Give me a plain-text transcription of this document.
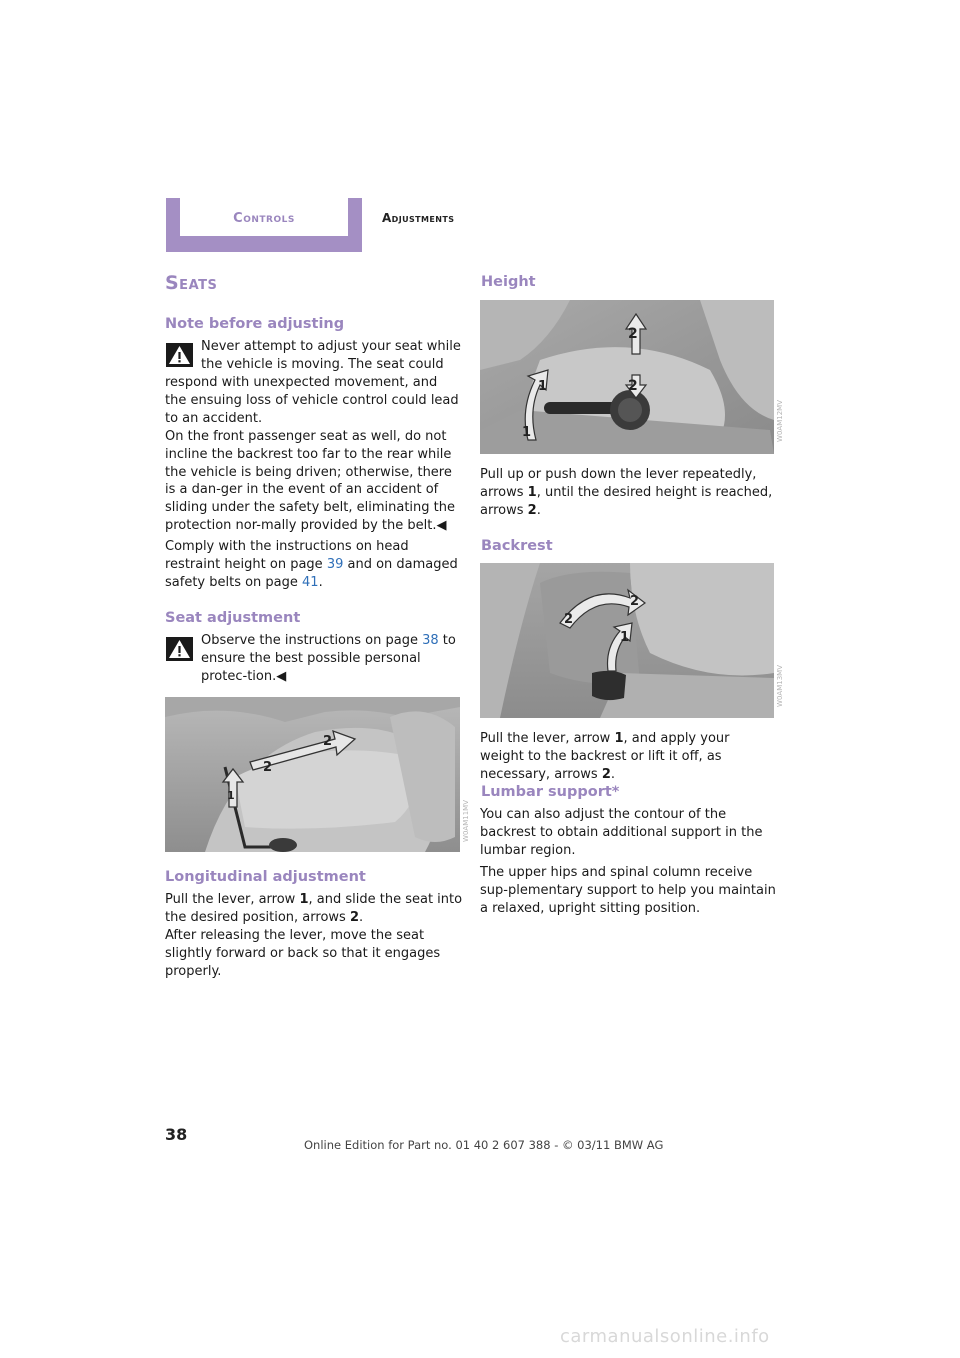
Controls	Adjustments
Seats
Note before adjusting
Never attempt to adjust your seat while
the vehicle is moving. The seat could
respond with unexpected movement, and the ensuing loss of vehicle control could lead to an accident.
On the front passenger seat as well, do not incline the backrest too far to the rear while the vehicle is being driven; otherwise, there is a dan-ger in the event of an accident of sliding under the safety belt, eliminating the protection nor-mally provided by the belt.◀
Comply with the instructions on head restraint height on page 39 and on damaged safety belts on page 41.
Seat adjustment
Observe the instructions on page 38 to ensure the best possible personal protec-tion.◀
2
2
1
W0AM11MV
Longitudinal adjustment
Pull the lever, arrow 1, and slide the seat into the desired position, arrows 2.
After releasing the lever, move the seat slightly forward or back so that it engages properly.
Height
2
2
1
1	W0AM12MV
Pull up or push down the lever repeatedly, arrows 1, until the desired height is reached, arrows 2.
Backrest
2
2
1
W0AM13MV
Pull the lever, arrow 1, and apply your weight to the backrest or lift it off, as necessary, arrows 2.
Lumbar support*
You can also adjust the contour of the backrest to obtain additional support in the lumbar region.
The upper hips and spinal column receive sup-plementary support to help you maintain a relaxed, upright sitting position.
38
Online Edition for Part no. 01 40 2 607 388 - © 03/11 BMW AG
carmanualsonline.info
